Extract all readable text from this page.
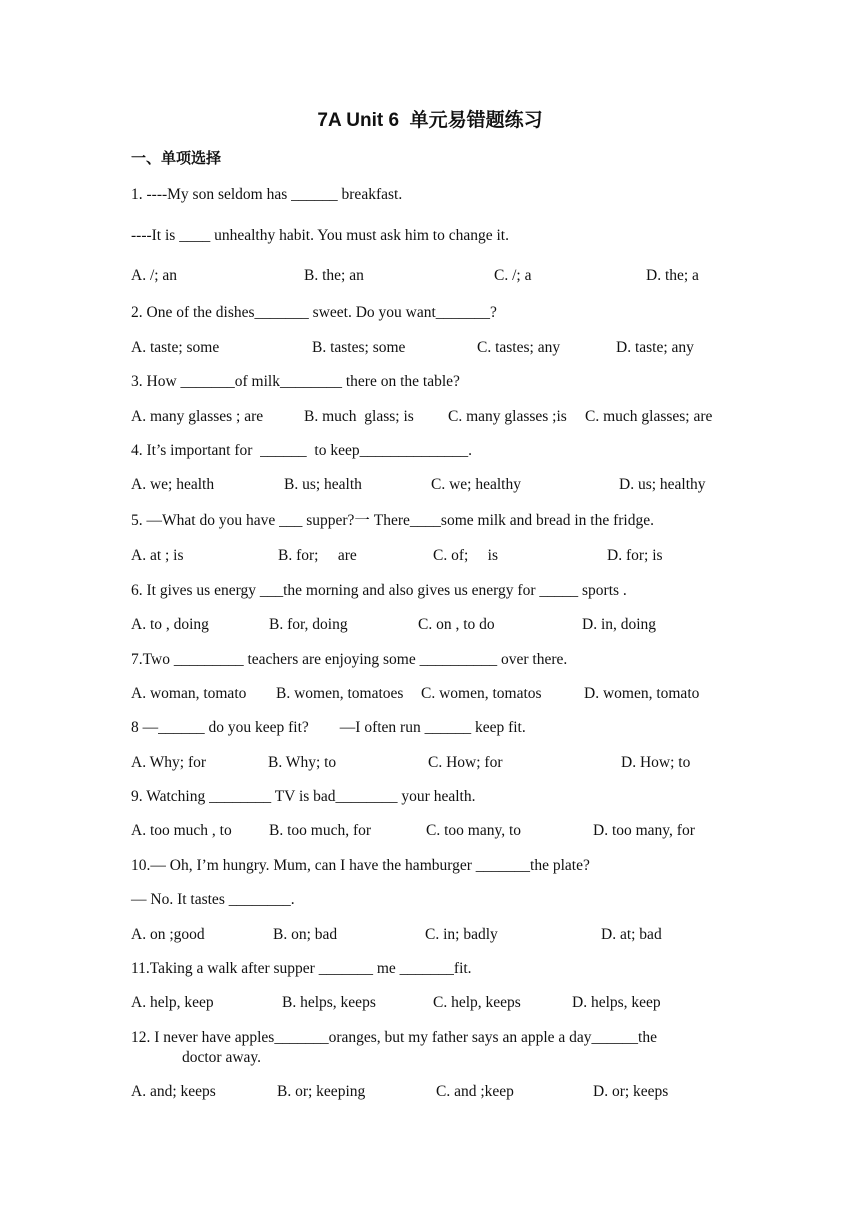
7A Unit 6  单元易错题练习
一、单项选择
1. ----My son seldom has ______ breakfast.
----It is ____ unhealthy habit. You must ask him to change it.
A. /; an	B. the; an	C. /; a	D. the; a
2. One of the dishes_______ sweet. Do you want_______?
A. taste; some	B. tastes; some	C. tastes; any	D. taste; any
3. How _______of milk________ there on the table?
A. many glasses ; are	B. much  glass; is C. many glasses ;is C. much glasses; are
4. It’s important for  ______  to keep______________.
A. we; health	B. us; health	C. we; healthy	D. us; healthy
5. —What do you have ___ supper?一 There____some milk and bread in the fridge.
A. at ; is	B. for;     are	C. of;     is	D. for; is
6. It gives us energy ___the morning and also gives us energy for _____ sports .
A. to , doing	B. for, doing	C. on , to do	D. in, doing
7.Two _________ teachers are enjoying some __________ over there.
A. woman, tomato B. women, tomatoes C. women, tomatos	D. women, tomato
8 —______ do you keep fit?        —I often run ______ keep fit.
A. Why; for	B. Why; to	C. How; for	D. How; to
9. Watching ________ TV is bad________ your health.
A. too much , to B. too much, for	C. too many, to	D. too many, for
10.— Oh, I’m hungry. Mum, can I have the hamburger _______the plate?
— No. It tastes ________.
A. on ;good	B. on; bad	C. in; badly	D. at; bad
11.Taking a walk after supper _______ me _______fit.
A. help, keep	B. helps, keeps	C. help, keeps	D. helps, keep
12. I never have apples_______oranges, but my father says an apple a day______the
doctor away.
A. and; keeps	B. or; keeping	C. and ;keep	D. or; keeps
